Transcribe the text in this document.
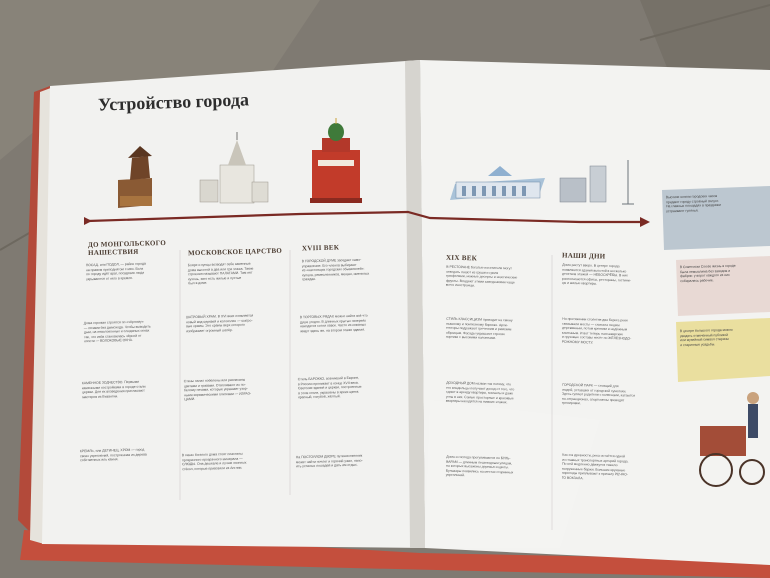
Устройство города
ДО МОНГОЛЬСКОГО
НАШЕСТВИЯ	МОСКОВСКОЕ ЦАРСТВО	XVIII ВЕК
XIX ВЕК	НАШИ ДНИ
ПОСАД, или ПОДОЛ, — район города
на правом приподнятом с меи. Если
по городу идёт враг, посадские люди
укрываются от него в кремле.
Дома горожан строятся по «чёрному»
— печами без дымохода. Чтобы выводить
дым, на неволоконных и слюдяных окнах
так, что изба становилась чёрной от
копоти — ВОЛОКОВЫЕ ОКНА.
КАМЕННОЕ ЗОДЧЕСТВО. Первыми
каменными постройками в городе стали
церкви. Для их возведения приглашают
мастеров из Византии.
КРЕМЛЬ, или ДЕТИНЕЦ, ХРОМ — город
своих укреплений, построенная из дерева
собственных иль камня.
Бояре и купцы возводят себе каменные
дома высотой в два или три этажа. Такие
строения называют ПАЛАТАМИ. Там нет
кухонь, зато есть жилые и пустые
был в доме.
ШАТРОВЫЙ ХРАМ. В XVI веке появляется
новый вид церквей и колоколен — шатро-
вые храмы. Это храмы верх которого
изображает огромный шатёр.
Стены палат побелены или расписаны
цветами и травами. Отапливают их по-
белому печами, которые украшает узор-
ными керамическими плитками — ИЗРАЗ-
ЦАМИ.
В окнах богатого дома стоят пластины
прозрачного прозрачного минерала —
СЛЮДЫ. Она дешевле и лучше оконных
стёкол, которые привозили из Англии.
В ГОРОДСКОЙ ДУМЕ заседает само-
управление. Его членов выбирают
из «настоящих городских обывателей»:
купцов, ремесленников, мещан, именитых
граждан.
В ТОРГОВЫХ РЯДАХ можно найти всё что
душе угодно. В длинных крытых галереях
находятся сотни лавок. Часто из кожаных
живут здесь же, на втором этаже здания.
Стиль БАРОККО, возникший в Европе,
в Россию проникает в конце XVII века.
Светские здания и церкви, построенные
в этом стиле, украшены в ярких цвета:
красный, голубой, жёлтый.
На ПОСТОЯЛОМ ДВОРЕ путешественник
может найти ночлег и горячий ужин, напо-
ить усталых лошадей и дать им отдых.
В РЕСТОРАНЕ богатые посетители могут
отведать пашот из груши и гриля
трюфелями, нежные десерты и экзотические
фрукты. Владеют этими заведениями чаще
всего иностранцы.
СТИЛЬ КЛАССИЦИЗМ приходит на смену
пышному и помпезному барокко. Архи-
текторы подражают греческим и римским
образцам. Фасады украшают строгие
портики с высокими колоннами.
ДОХОДНЫЙ ДОМ назван так потому, что
его владельцы получают доход от того, что
сдают в аренду квартиры, комнаты и даже
углы в них. Самые просторные и красивые
квартиры находятся на нижних этажах.
Дома и господа прогуливаются по БУЛЬ-
ВАРАМ — длинным пешеходным улицам,
на которых высажены деревья и цветы.
Бульвары появились на местах старинных
укреплений.
Дома растут вверх. В центре города
появляются здания высотой в несколько
десятков этажей — НЕБОСКРЁБЫ. В них
располагаются офисы, рестораны, гостини-
цы и жилые квартиры.
На протяжении столетия два берега реки
связывали мосты — сначала пешим
деревянным, потом крепким и надёжным
каменным. И вот теперь пассажирские
и грузовые составы несёт по ЖЕЛЕЗНОДО-
РОЖНОМУ МОСТУ.
ГОРОДСКОЙ ПАРК — стоящий для
людей, уставших от городской суматохи.
Здесь гуляют родители с колясками, катаются
на аттракционах, спортсмены проводят
тренировки.
Как и в древности, река остаётся одной
из главных транспортных артерий города.
По ней медленно движутся тяжело
нагруженные баржи. Большие круизные
пароходы приплывают к причалу РЕЧНО-
ГО ВОКЗАЛА.
Высокие шпили городских часов
придают городу стройный силуэт.
На главных площадях в праздники
устраивают гулянья.
В Советском Союзе жизнь в городе
была немыслима без заводов и
фабрик: у ворот каждого из них
собирались рабочие.
В центре большого города можно
увидеть отмеченный публикой
или музейный символ старины
и старинные усадьбы.
